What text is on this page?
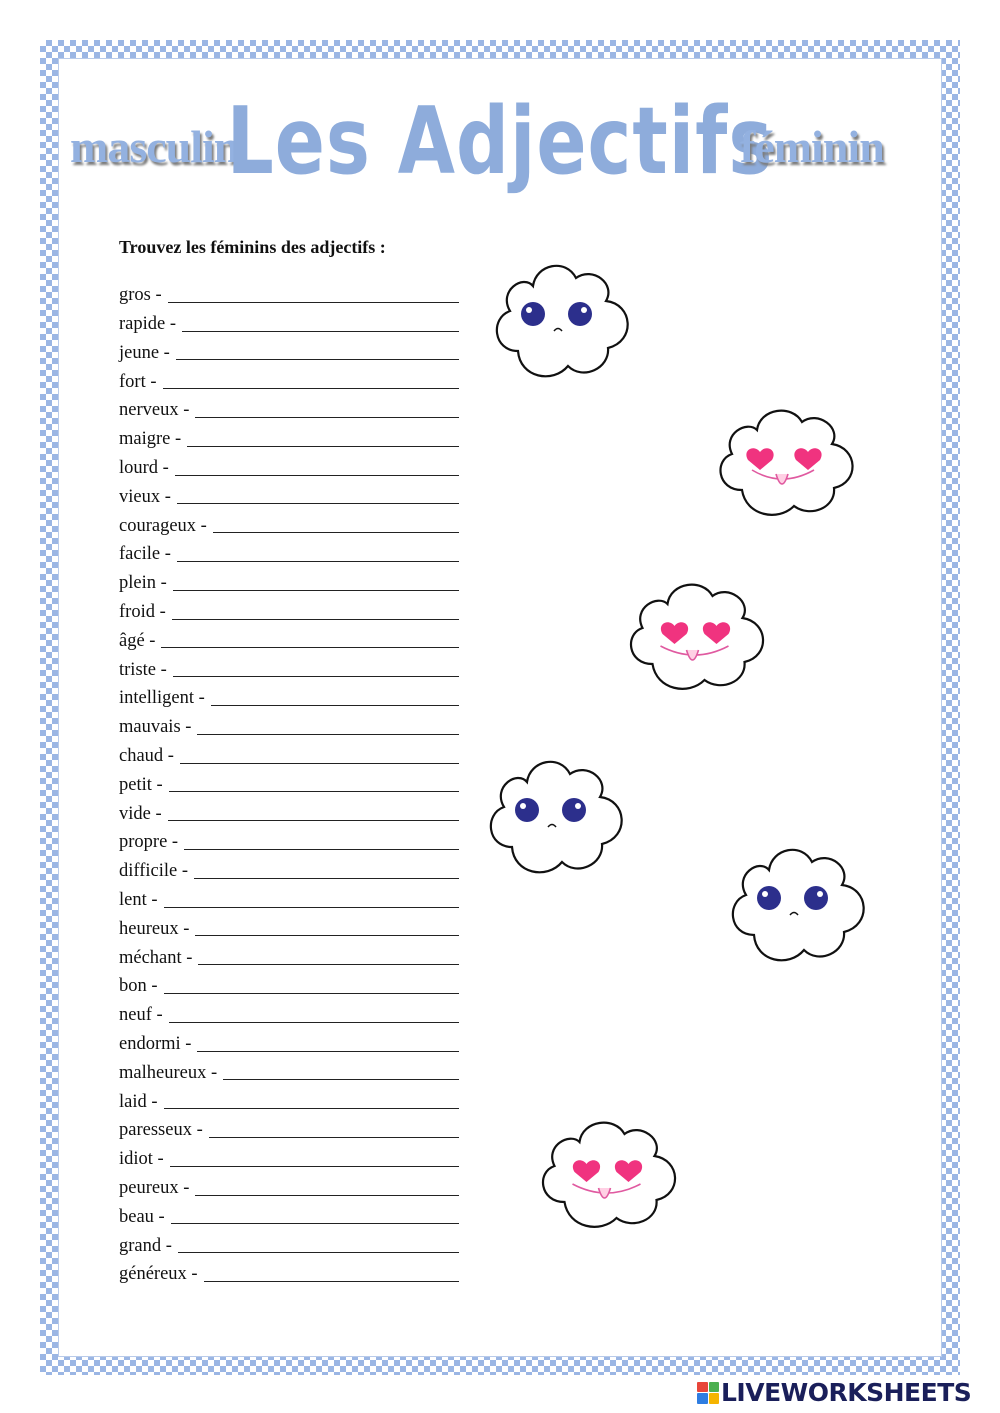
masculin
Les Adjectifs
féminin

Trouvez les féminins des adjectifs :

gros -
rapide -
jeune -
fort -
nerveux -
maigre -
lourd -
vieux -
courageux -
facile -
plein -
froid -
âgé -
triste -
intelligent -
mauvais -
chaud -
petit -
vide -
propre -
difficile -
lent -
heureux -
méchant -
bon -
neuf -
endormi -
malheureux -
laid -
paresseux -
idiot -
peureux -
beau -
grand -
généreux -
LIVEWORKSHEETS
